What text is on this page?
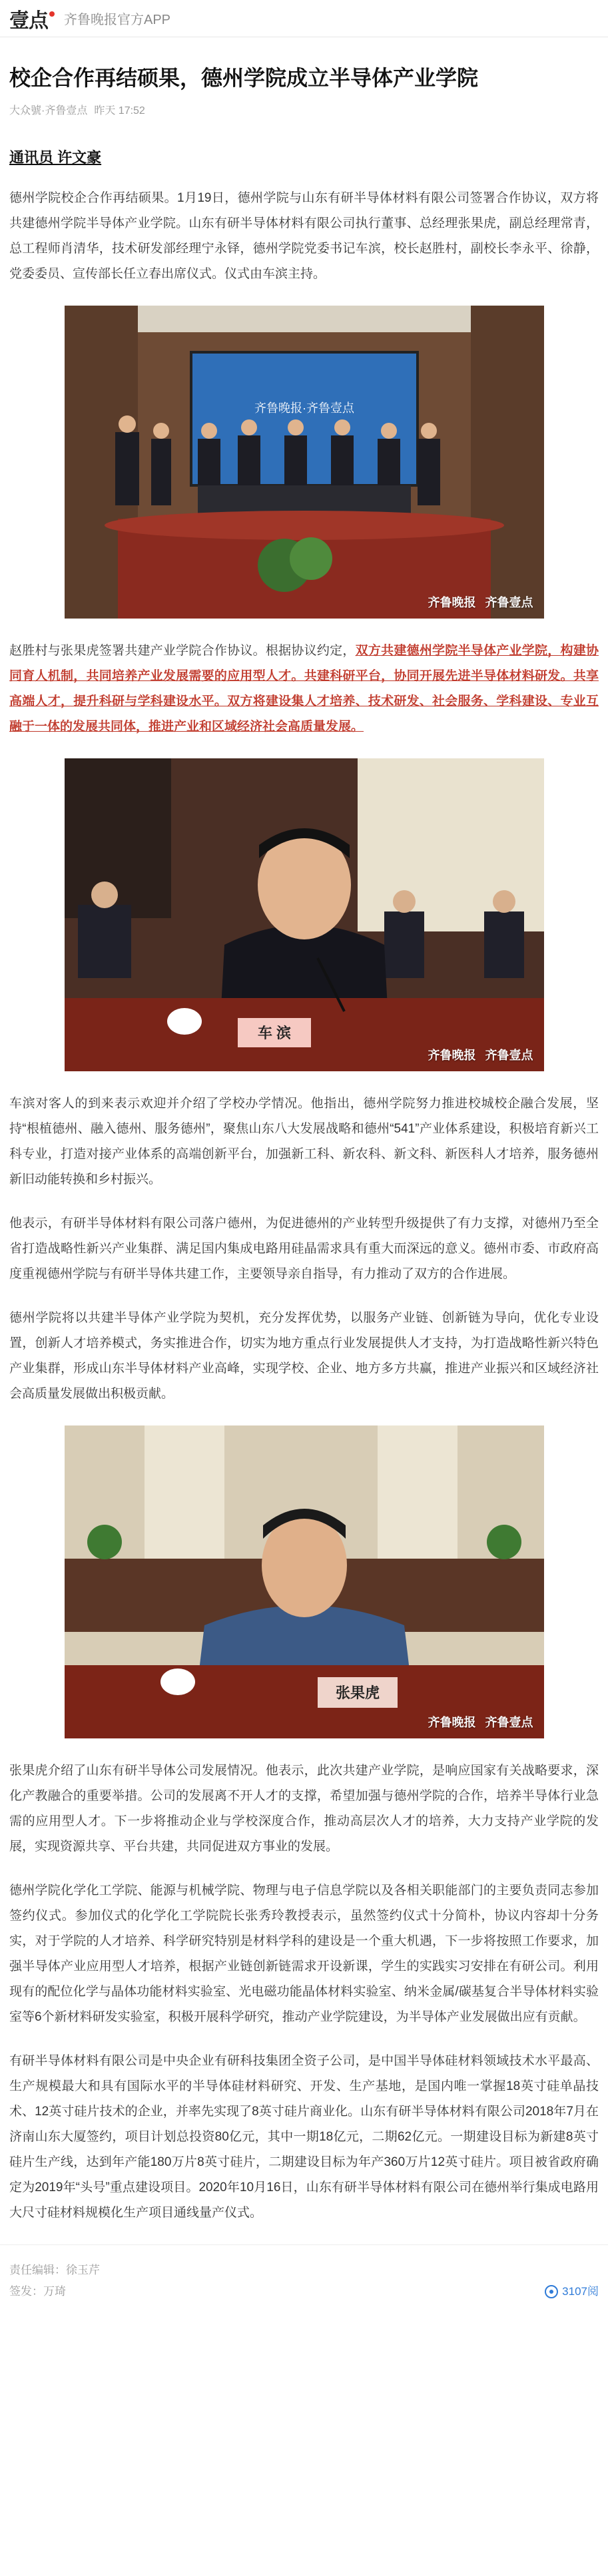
壹点 齐鲁晚报官方APP
校企合作再结硕果，德州学院成立半导体产业学院
大众號·齐鲁壹点 昨天 17:52
通讯员 许文豪

德州学院校企合作再结硕果。1月19日，德州学院与山东有研半导体材料有限公司签署合作协议，双方将共建德州学院半导体产业学院。山东有研半导体材料有限公司执行董事、总经理张果虎，副总经理常青，总工程师肖清华，技术研发部经理宁永铎，德州学院党委书记车滨，校长赵胜村，副校长李永平、徐静，党委委员、宣传部长任立春出席仪式。仪式由车滨主持。

齐鲁晚报·齐鲁壹点
齐鲁晚报 齐鲁壹点

赵胜村与张果虎签署共建产业学院合作协议。根据协议约定，双方共建德州学院半导体产业学院，构建协同育人机制，共同培养产业发展需要的应用型人才。共建科研平台，协同开展先进半导体材料研发。共享高端人才，提升科研与学科建设水平。双方将建设集人才培养、技术研发、社会服务、学科建设、专业互融于一体的发展共同体，推进产业和区域经济社会高质量发展。

车 滨
齐鲁晚报 齐鲁壹点

车滨对客人的到来表示欢迎并介绍了学校办学情况。他指出，德州学院努力推进校城校企融合发展，坚持“根植德州、融入德州、服务德州”，聚焦山东八大发展战略和德州“541”产业体系建设，积极培育新兴工科专业，打造对接产业体系的高端创新平台，加强新工科、新农科、新文科、新医科人才培养，服务德州新旧动能转换和乡村振兴。

他表示，有研半导体材料有限公司落户德州，为促进德州的产业转型升级提供了有力支撑，对德州乃至全省打造战略性新兴产业集群、满足国内集成电路用硅晶需求具有重大而深远的意义。德州市委、市政府高度重视德州学院与有研半导体共建工作，主要领导亲自指导，有力推动了双方的合作进展。

德州学院将以共建半导体产业学院为契机，充分发挥优势，以服务产业链、创新链为导向，优化专业设置，创新人才培养模式，务实推进合作，切实为地方重点行业发展提供人才支持，为打造战略性新兴特色产业集群，形成山东半导体材料产业高峰，实现学校、企业、地方多方共赢，推进产业振兴和区域经济社会高质量发展做出积极贡献。

张果虎
齐鲁晚报 齐鲁壹点

张果虎介绍了山东有研半导体公司发展情况。他表示，此次共建产业学院，是响应国家有关战略要求，深化产教融合的重要举措。公司的发展离不开人才的支撑，希望加强与德州学院的合作，培养半导体行业急需的应用型人才。下一步将推动企业与学校深度合作，推动高层次人才的培养，大力支持产业学院的发展，实现资源共享、平台共建，共同促进双方事业的发展。

德州学院化学化工学院、能源与机械学院、物理与电子信息学院以及各相关职能部门的主要负责同志参加签约仪式。参加仪式的化学化工学院院长张秀玲教授表示，虽然签约仪式十分简朴，协议内容却十分务实，对于学院的人才培养、科学研究特别是材料学科的建设是一个重大机遇，下一步将按照工作要求，加强半导体产业应用型人才培养，根据产业链创新链需求开设新课，学生的实践实习安排在有研公司。利用现有的配位化学与晶体功能材料实验室、光电磁功能晶体材料实验室、纳米金属/碳基复合半导体材料实验室等6个新材料研发实验室，积极开展科学研究，推动产业学院建设，为半导体产业发展做出应有贡献。

有研半导体材料有限公司是中央企业有研科技集团全资子公司，是中国半导体硅材料领域技术水平最高、生产规模最大和具有国际水平的半导体硅材料研究、开发、生产基地，是国内唯一掌握18英寸硅单晶技术、12英寸硅片技术的企业，并率先实现了8英寸硅片商业化。山东有研半导体材料有限公司2018年7月在济南山东大厦签约，项目计划总投资80亿元，其中一期18亿元，二期62亿元。一期建设目标为新建8英寸硅片生产线，达到年产能180万片8英寸硅片，二期建设目标为年产360万片12英寸硅片。项目被省政府确定为2019年“头号”重点建设项目。2020年10月16日，山东有研半导体材料有限公司在德州举行集成电路用大尺寸硅材料规模化生产项目通线量产仪式。

责任编辑：徐玉芹
签发：万琦	3107阅
